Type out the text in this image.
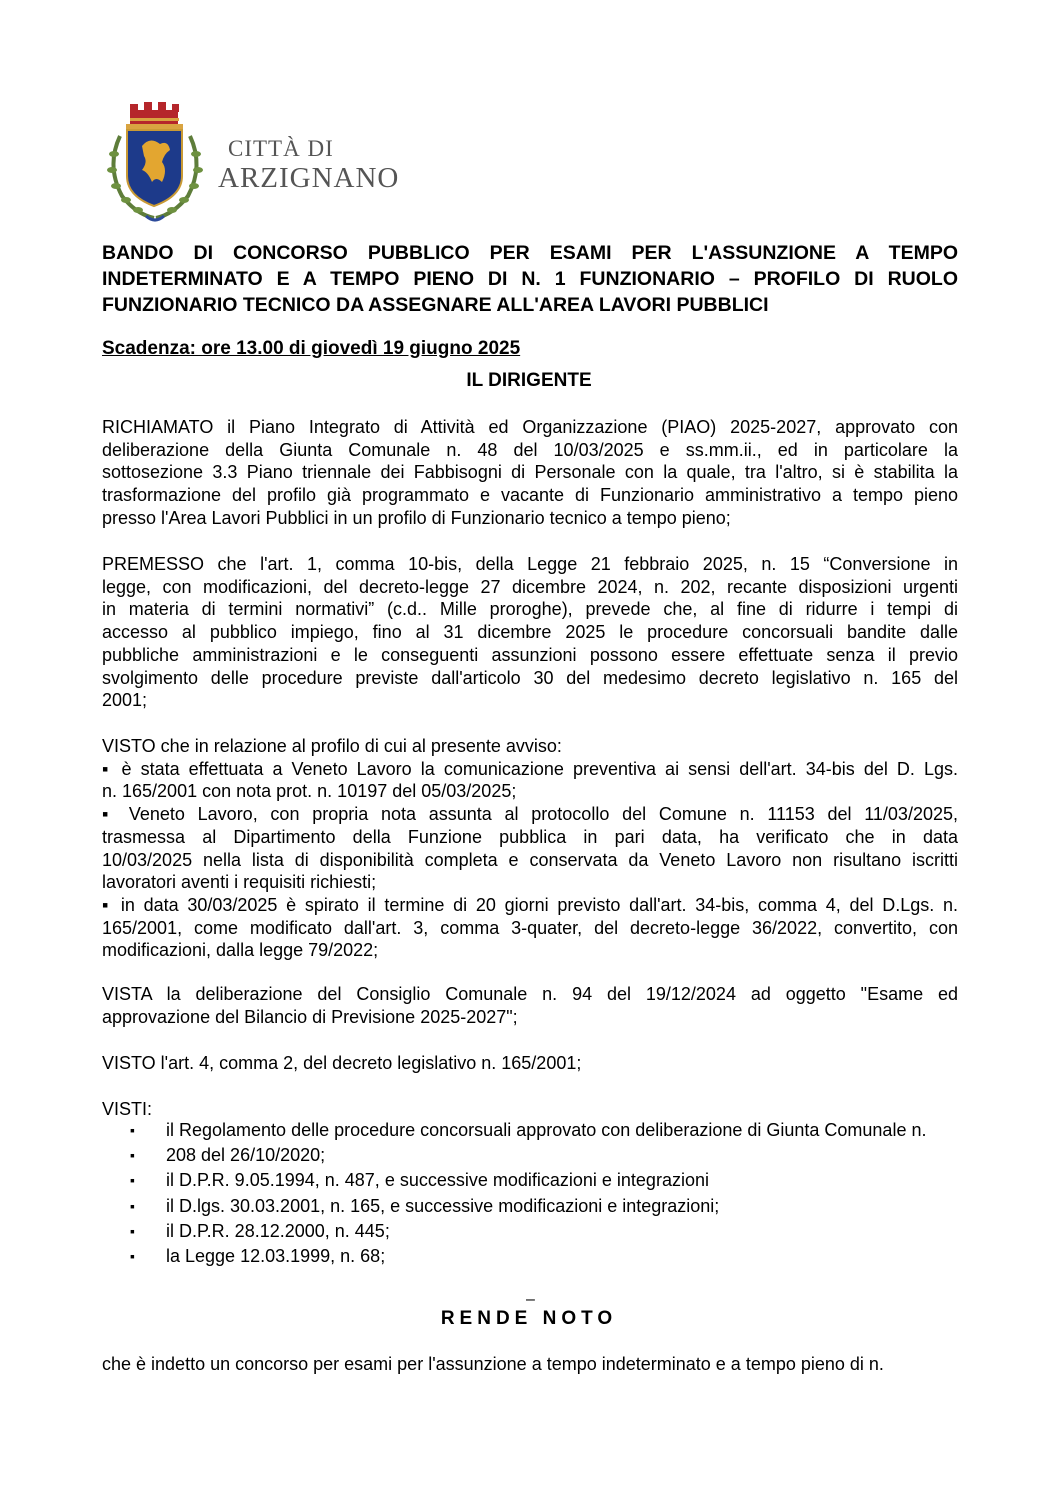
CITTÀ DI
ARZIGNANO
BANDO DI CONCORSO PUBBLICO PER ESAMI PER L'ASSUNZIONE A TEMPO
INDETERMINATO E A TEMPO PIENO DI N. 1 FUNZIONARIO – PROFILO DI RUOLO
FUNZIONARIO TECNICO DA ASSEGNARE ALL'AREA LAVORI PUBBLICI
Scadenza: ore 13.00 di giovedì 19 giugno 2025
IL DIRIGENTE
RICHIAMATO il Piano Integrato di Attività ed Organizzazione (PIAO) 2025-2027, approvato con
deliberazione della Giunta Comunale n. 48 del 10/03/2025 e ss.mm.ii., ed in particolare la
sottosezione 3.3 Piano triennale dei Fabbisogni di Personale con la quale, tra l'altro, si è stabilita la
trasformazione del profilo già programmato e vacante di Funzionario amministrativo a tempo pieno
presso l'Area Lavori Pubblici in un profilo di Funzionario tecnico a tempo pieno;
PREMESSO che l'art. 1, comma 10-bis, della Legge 21 febbraio 2025, n. 15 “Conversione in
legge, con modificazioni, del decreto-legge 27 dicembre 2024, n. 202, recante disposizioni urgenti
in materia di termini normativi” (c.d.. Mille proroghe), prevede che, al fine di ridurre i tempi di
accesso al pubblico impiego, fino al 31 dicembre 2025 le procedure concorsuali bandite dalle
pubbliche amministrazioni e le conseguenti assunzioni possono essere effettuate senza il previo
svolgimento delle procedure previste dall'articolo 30 del medesimo decreto legislativo n. 165 del
2001;
VISTO che in relazione al profilo di cui al presente avviso:
▪ è stata effettuata a Veneto Lavoro la comunicazione preventiva ai sensi dell'art. 34-bis del D. Lgs.
n. 165/2001 con nota prot. n. 10197 del 05/03/2025;
▪ Veneto Lavoro, con propria nota assunta al protocollo del Comune n. 11153 del 11/03/2025,
trasmessa al Dipartimento della Funzione pubblica in pari data, ha verificato che in data
10/03/2025 nella lista di disponibilità completa e conservata da Veneto Lavoro non risultano iscritti
lavoratori aventi i requisiti richiesti;
▪ in data 30/03/2025 è spirato il termine di 20 giorni previsto dall'art. 34-bis, comma 4, del D.Lgs. n.
165/2001, come modificato dall'art. 3, comma 3-quater, del decreto-legge 36/2022, convertito, con
modificazioni, dalla legge 79/2022;
VISTA la deliberazione del Consiglio Comunale n. 94 del 19/12/2024 ad oggetto "Esame ed
approvazione del Bilancio di Previsione 2025-2027";
VISTO l'art. 4, comma 2, del decreto legislativo n. 165/2001;
VISTI:
▪ il Regolamento delle procedure concorsuali approvato con deliberazione di Giunta Comunale n.
▪ 208 del 26/10/2020;
▪ il D.P.R. 9.05.1994, n. 487, e successive modificazioni e integrazioni
▪ il D.lgs. 30.03.2001, n. 165, e successive modificazioni e integrazioni;
▪ il D.P.R. 28.12.2000, n. 445;
▪ la Legge 12.03.1999, n. 68;
–
RENDE NOTO
che è indetto un concorso per esami per l'assunzione a tempo indeterminato e a tempo pieno di n.
